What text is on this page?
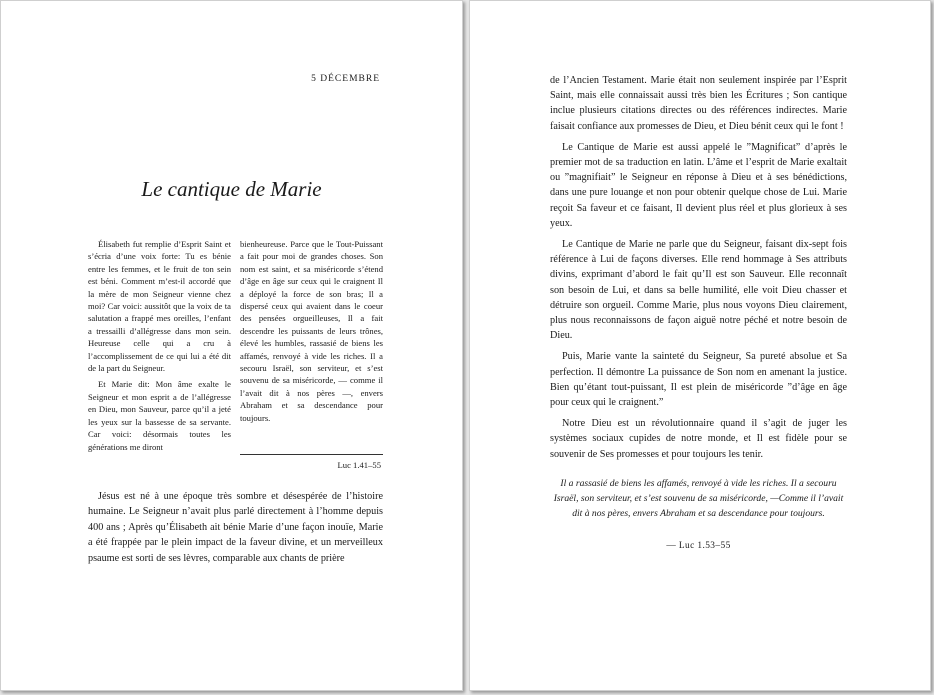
5 DÉCEMBRE
Le cantique de Marie

Élisabeth fut remplie d’Esprit Saint et s’écria d’une voix forte: Tu es bénie entre les femmes, et le fruit de ton sein est béni. Comment m’est-il accordé que la mère de mon Seigneur vienne chez moi? Car voici: aussitôt que la voix de ta salutation a frappé mes oreilles, l’enfant a tressailli d’allégresse dans mon sein. Heureuse celle qui a cru à l’accomplissement de ce qui lui a été dit de la part du Seigneur.

Et Marie dit: Mon âme exalte le Seigneur et mon esprit a de l’allégresse en Dieu, mon Sauveur, parce qu’il a jeté les yeux sur la bassesse de sa servante. Car voici: désormais toutes les générations me diront

bienheureuse. Parce que le Tout-Puissant a fait pour moi de grandes choses. Son nom est saint, et sa miséricorde s’étend d’âge en âge sur ceux qui le craignent Il a déployé la force de son bras; Il a dispersé ceux qui avaient dans le coeur des pensées orgueilleuses, Il a fait descendre les puissants de leurs trônes, élevé les humbles, rassasié de biens les affamés, renvoyé à vide les riches. Il a secouru Israël, son serviteur, et s’est souvenu de sa miséricorde, — comme il l’avait dit à nos pères —, envers Abraham et sa descendance pour toujours.

Luc 1.41–55

Jésus est né à une époque très sombre et désespérée de l’histoire humaine. Le Seigneur n’avait plus parlé directement à l’homme depuis 400 ans ; Après qu’Élisabeth ait bénie Marie d’une façon inouïe, Marie a été frappée par le plein impact de la faveur divine, et un merveilleux psaume est sorti de ses lèvres, comparable aux chants de prière

de l’Ancien Testament. Marie était non seulement inspirée par l’Esprit Saint, mais elle connaissait aussi très bien les Écritures ; Son cantique inclue plusieurs citations directes ou des références indirectes. Marie faisait confiance aux promesses de Dieu, et Dieu bénit ceux qui le font !

Le Cantique de Marie est aussi appelé le ”Magnificat” d’après le premier mot de sa traduction en latin. L’âme et l’esprit de Marie exaltait ou ”magnifiait” le Seigneur en réponse à Dieu et à ses bénédictions, dans une pure louange et non pour obtenir quelque chose de Lui. Marie reçoit Sa faveur et ce faisant, Il devient plus réel et plus glorieux à ses yeux.

Le Cantique de Marie ne parle que du Seigneur, faisant dix-sept fois référence à Lui de façons diverses. Elle rend hommage à Ses attributs divins, exprimant d’abord le fait qu’Il est son Sauveur. Elle reconnaît son besoin de Lui, et dans sa belle humilité, elle voit Dieu chasser et détruire son orgueil. Comme Marie, plus nous voyons Dieu clairement, plus nous reconnaissons de façon aiguë notre péché et notre besoin de Dieu.

Puis, Marie vante la sainteté du Seigneur, Sa pureté absolue et Sa perfection. Il démontre La puissance de Son nom en amenant la justice. Bien qu’étant tout-puissant, Il est plein de miséricorde ”d’âge en âge pour ceux qui le craignent.”

Notre Dieu est un révolutionnaire quand il s’agit de juger les systèmes sociaux cupides de notre monde, et Il est fidèle pour se souvenir de Ses promesses et pour toujours les tenir.

Il a rassasié de biens les affamés, renvoyé à vide les riches. Il a secouru Israël, son serviteur, et s’est souvenu de sa miséricorde, —Comme il l’avait dit à nos pères, envers Abraham et sa descendance pour toujours.
— Luc 1.53–55
